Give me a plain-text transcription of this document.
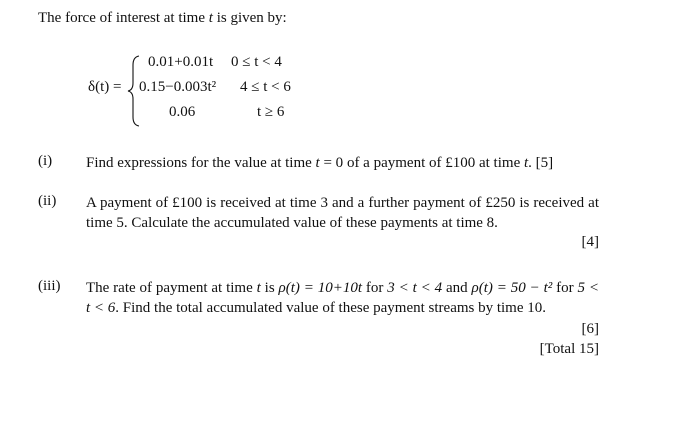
The force of interest at time t is given by:
δ(t) =
0.01+0.01t 0 ≤ t < 4
0.15−0.003t² 4 ≤ t < 6
0.06	t ≥ 6
(i) Find expressions for the value at time t = 0 of a payment of £100 at time t. [5]
(ii) A payment of £100 is received at time 3 and a further payment of £250 is received at time 5. Calculate the accumulated value of these payments at time 8.
[4]
(iii) The rate of payment at time t is ρ(t) = 10+10t for 3 < t < 4 and ρ(t) = 50 − t² for 5 < t < 6. Find the total accumulated value of these payment streams by time 10.
[6]
[Total 15]
